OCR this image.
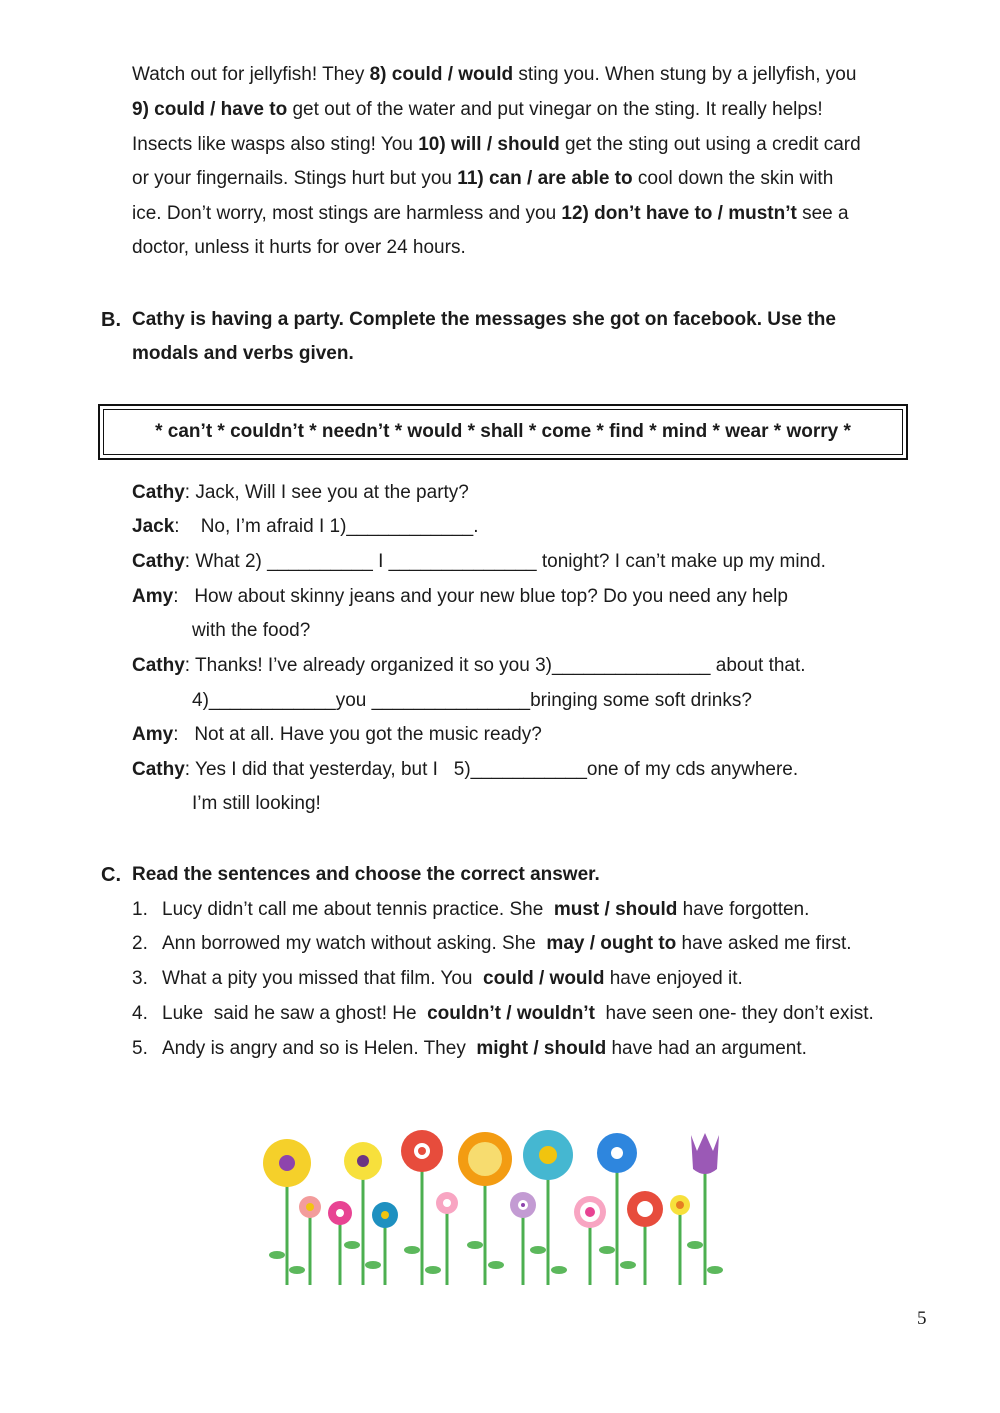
Watch out for jellyfish! They 8) could / would sting you. When stung by a jellyfish, you
9) could / have to get out of the water and put vinegar on the sting. It really helps!
Insects like wasps also sting! You 10) will / should get the sting out using a credit card
or your fingernails. Stings hurt but you 11) can / are able to cool down the skin with
ice. Don’t worry, most stings are harmless and you 12) don’t have to / mustn’t see a
doctor, unless it hurts for over 24 hours.
B. Cathy is having a party. Complete the messages she got on facebook. Use the
modals and verbs given.
* can’t * couldn’t * needn’t * would * shall * come * find * mind * wear * worry *
Cathy: Jack, Will I see you at the party?
Jack:    No, I’m afraid I 1)____________.
Cathy: What 2) __________ I ______________ tonight? I can’t make up my mind.
Amy:   How about skinny jeans and your new blue top? Do you need any help
with the food?
Cathy: Thanks! I’ve already organized it so you 3)_______________ about that.
4)____________you _______________bringing some soft drinks?
Amy:   Not at all. Have you got the music ready?
Cathy: Yes I did that yesterday, but I   5)___________one of my cds anywhere.
I’m still looking!
C. Read the sentences and choose the correct answer.
1. Lucy didn’t call me about tennis practice. She  must / should have forgotten.
2. Ann borrowed my watch without asking. She  may / ought to have asked me first.
3. What a pity you missed that film. You  could / would have enjoyed it.
4. Luke  said he saw a ghost! He  couldn’t / wouldn’t  have seen one- they don’t exist.
5. Andy is angry and so is Helen. They  might / should have had an argument.
5
